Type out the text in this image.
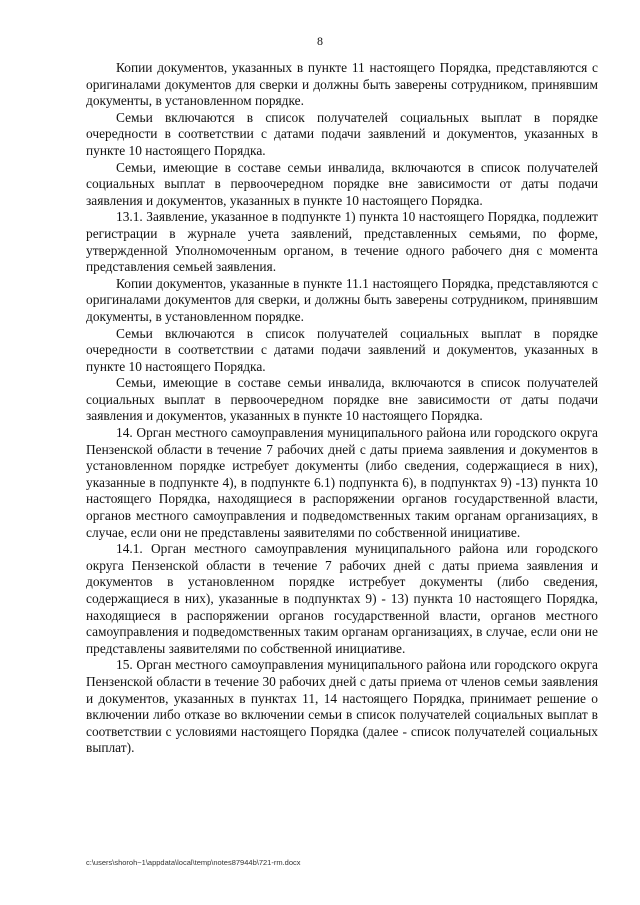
8

Копии документов, указанных в пункте 11 настоящего Порядка, представляются с оригиналами документов для сверки и должны быть заверены сотрудником, принявшим документы, в установленном порядке.

Семьи включаются в список получателей социальных выплат в порядке очередности в соответствии с датами подачи заявлений и документов, указанных в пункте 10 настоящего Порядка.

Семьи, имеющие в составе семьи инвалида, включаются в список получателей социальных выплат в первоочередном порядке вне зависимости от даты подачи заявления и документов, указанных в пункте 10 настоящего Порядка.

13.1. Заявление, указанное в подпункте 1) пункта 10 настоящего Порядка, подлежит регистрации в журнале учета заявлений, представленных семьями, по форме, утвержденной Уполномоченным органом, в течение одного рабочего дня с момента представления семьей заявления.

Копии документов, указанные в пункте 11.1 настоящего Порядка, представляются с оригиналами документов для сверки, и должны быть заверены сотрудником, принявшим документы, в установленном порядке.

Семьи включаются в список получателей социальных выплат в порядке очередности в соответствии с датами подачи заявлений и документов, указанных в пункте 10 настоящего Порядка.

Семьи, имеющие в составе семьи инвалида, включаются в список получателей социальных выплат в первоочередном порядке вне зависимости от даты подачи заявления и документов, указанных в пункте 10 настоящего Порядка.

14. Орган местного самоуправления муниципального района или городского округа Пензенской области в течение 7 рабочих дней с даты приема заявления и документов в установленном порядке истребует документы (либо сведения, содержащиеся в них), указанные в подпункте 4), в подпункте 6.1) подпункта 6), в подпунктах 9) -13) пункта 10 настоящего Порядка, находящиеся в распоряжении органов государственной власти, органов местного самоуправления и подведомственных таким органам организациях, в случае, если они не представлены заявителями по собственной инициативе.

14.1. Орган местного самоуправления муниципального района или городского округа Пензенской области в течение 7 рабочих дней с даты приема заявления и документов в установленном порядке истребует документы (либо сведения, содержащиеся в них), указанные в подпунктах 9) - 13) пункта 10 настоящего Порядка, находящиеся в распоряжении органов государственной власти, органов местного самоуправления и подведомственных таким органам организациях, в случае, если они не представлены заявителями по собственной инициативе.

15. Орган местного самоуправления муниципального района или городского округа Пензенской области в течение 30 рабочих дней с даты приема от членов семьи заявления и документов, указанных в пунктах 11, 14 настоящего Порядка, принимает решение о включении либо отказе во включении семьи в список получателей социальных выплат в соответствии с условиями настоящего Порядка (далее - список получателей социальных выплат).

c:\users\shoroh~1\appdata\local\temp\notes87944b\721-rm.docx
